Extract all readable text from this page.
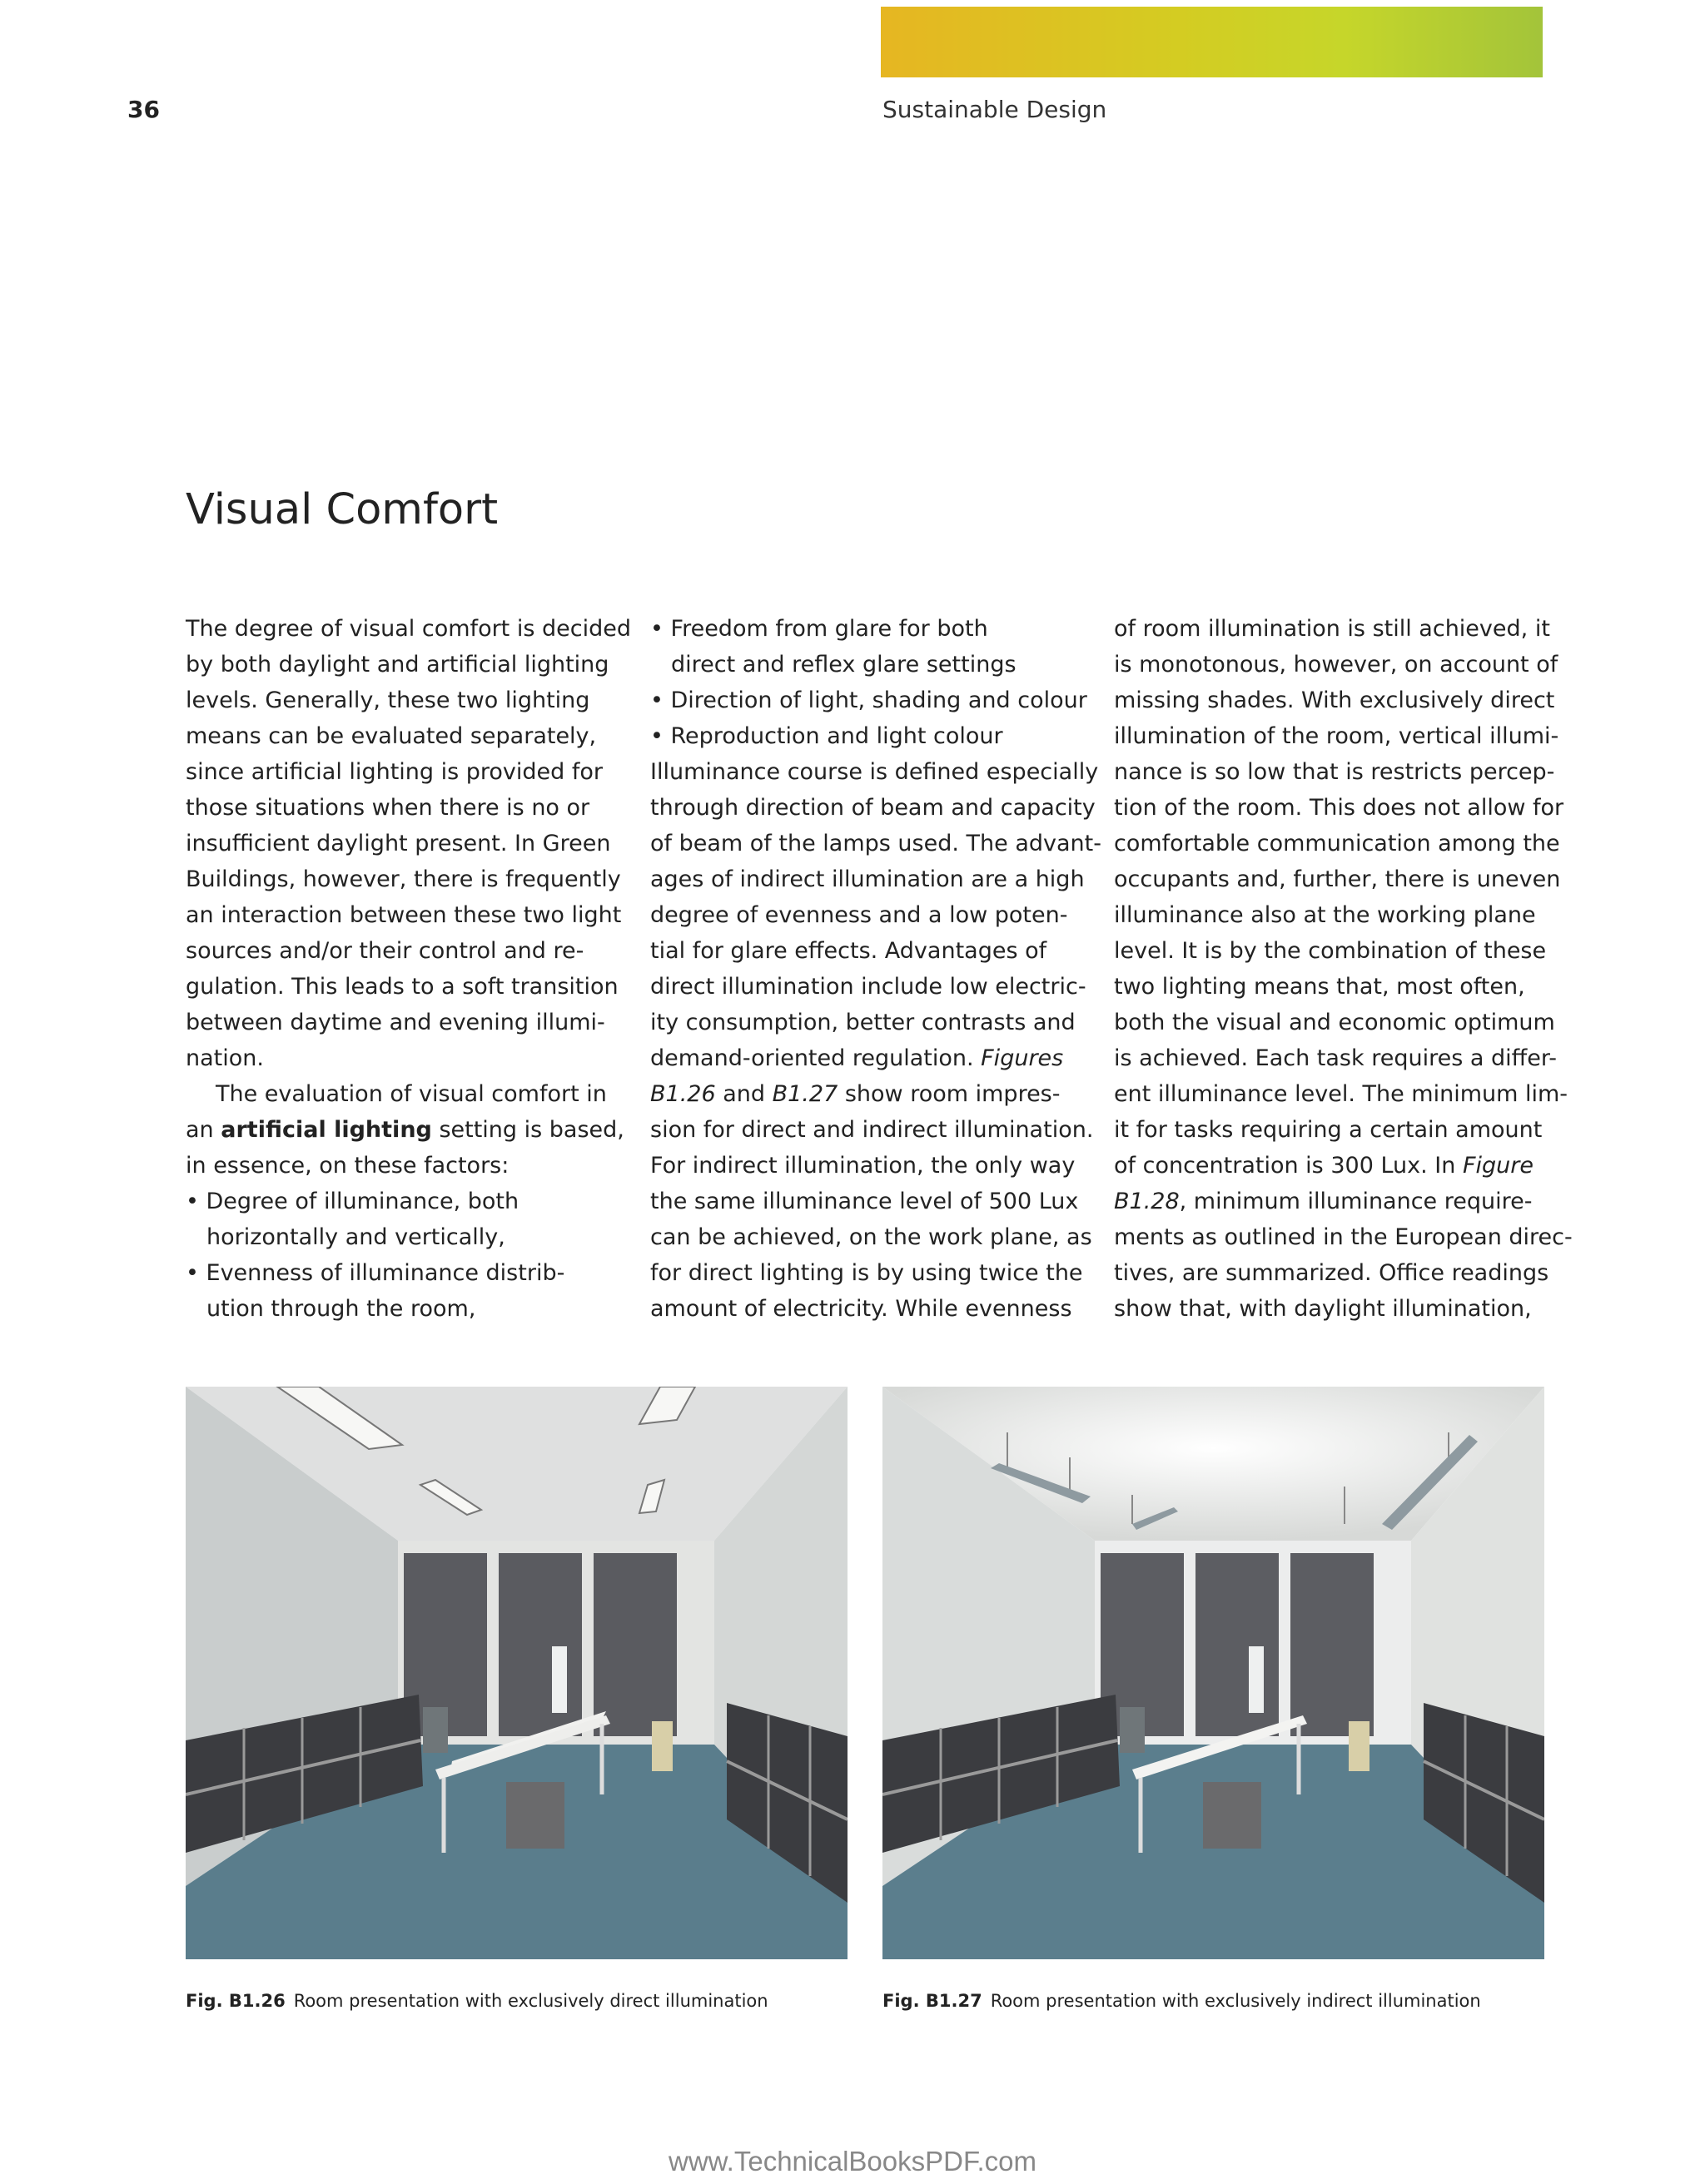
36	Sustainable Design
Visual Comfort
The degree of visual comfort is decided
by both daylight and artificial lighting
levels. Generally, these two lighting
means can be evaluated separately,
since artificial lighting is provided for
those situations when there is no or
insufficient daylight present. In Green
Buildings, however, there is frequently
an interaction between these two light
sources and/or their control and re-
gulation. This leads to a soft transition
between daytime and evening illumi-
nation.
The evaluation of visual comfort in
an artificial lighting setting is based,
in essence, on these factors:
• Degree of illuminance, both
horizontally and vertically,
• Evenness of illuminance distrib-
ution through the room,
• Freedom from glare for both
direct and reflex glare settings
• Direction of light, shading and colour
• Reproduction and light colour
Illuminance course is defined especially
through direction of beam and capacity
of beam of the lamps used. The advant-
ages of indirect illumination are a high
degree of evenness and a low poten-
tial for glare effects. Advantages of
direct illumination include low electric-
ity consumption, better contrasts and
demand-oriented regulation. Figures
B1.26 and B1.27 show room impres-
sion for direct and indirect illumination.
For indirect illumination, the only way
the same illuminance level of 500 Lux
can be achieved, on the work plane, as
for direct lighting is by using twice the
amount of electricity. While evenness
of room illumination is still achieved, it
is monotonous, however, on account of
missing shades. With exclusively direct
illumination of the room, vertical illumi-
nance is so low that is restricts percep-
tion of the room. This does not allow for
comfortable communication among the
occupants and, further, there is uneven
illuminance also at the working plane
level. It is by the combination of these
two lighting means that, most often,
both the visual and economic optimum
is achieved. Each task requires a differ-
ent illuminance level. The minimum lim-
it for tasks requiring a certain amount
of concentration is 300 Lux. In Figure
B1.28, minimum illuminance require-
ments as outlined in the European direc-
tives, are summarized. Office readings
show that, with daylight illumination,
Fig. B1.26 Room presentation with exclusively direct illumination	Fig. B1.27 Room presentation with exclusively indirect illumination
www.TechnicalBooksPDF.com
